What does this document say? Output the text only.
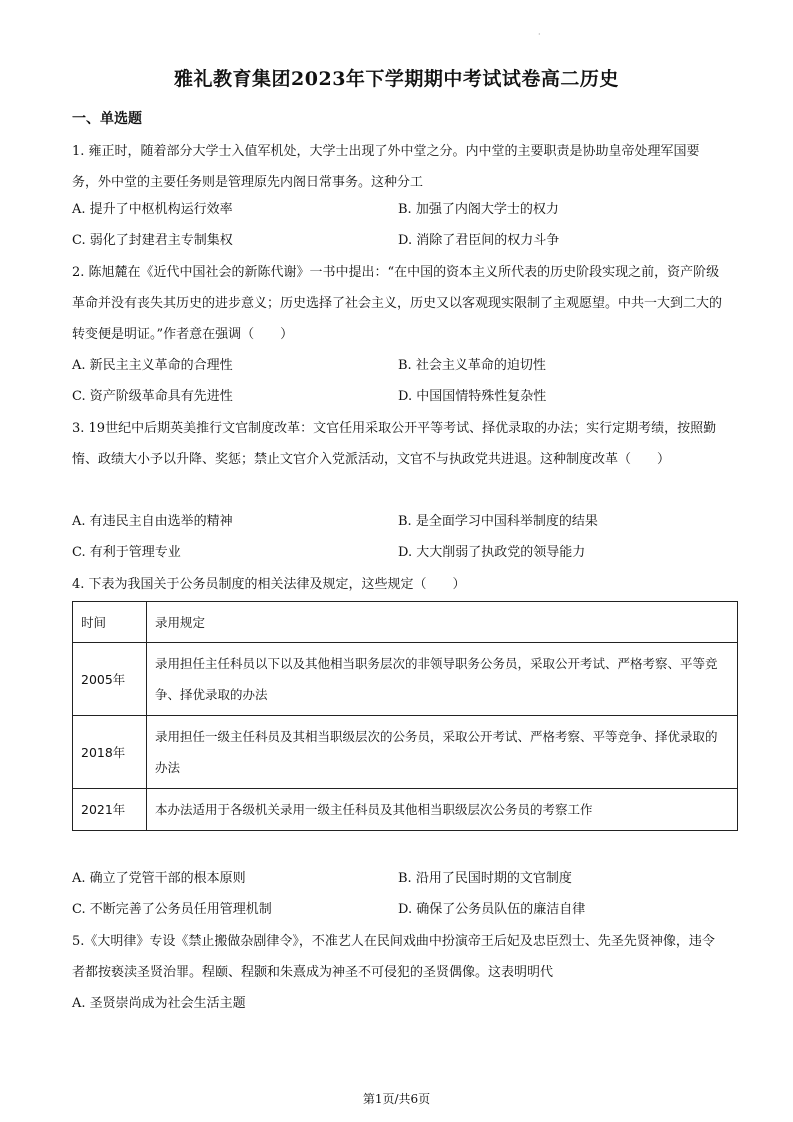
·
雅礼教育集团2023年下学期期中考试试卷高二历史
一、单选题
1. 雍正时，随着部分大学士入值军机处，大学士出现了外中堂之分。内中堂的主要职责是协助皇帝处理军国要务，外中堂的主要任务则是管理原先内阁日常事务。这种分工
A. 提升了中枢机构运行效率	B. 加强了内阁大学士的权力
C. 弱化了封建君主专制集权	D. 消除了君臣间的权力斗争
2. 陈旭麓在《近代中国社会的新陈代谢》一书中提出：“在中国的资本主义所代表的历史阶段实现之前，资产阶级革命并没有丧失其历史的进步意义；历史选择了社会主义，历史又以客观现实限制了主观愿望。中共一大到二大的转变便是明证。”作者意在强调（　　）
A. 新民主主义革命的合理性	B. 社会主义革命的迫切性
C. 资产阶级革命具有先进性	D. 中国国情特殊性复杂性
3. 19世纪中后期英美推行文官制度改革：文官任用采取公开平等考试、择优录取的办法；实行定期考绩，按照勤惰、政绩大小予以升降、奖惩；禁止文官介入党派活动，文官不与执政党共进退。这种制度改革（　　）
A. 有违民主自由选举的精神	B. 是全面学习中国科举制度的结果
C. 有利于管理专业	D. 大大削弱了执政党的领导能力
4. 下表为我国关于公务员制度的相关法律及规定，这些规定（　　）
时间	录用规定
2005年	录用担任主任科员以下以及其他相当职务层次的非领导职务公务员，采取公开考试、严格考察、平等竞争、择优录取的办法
2018年	录用担任一级主任科员及其相当职级层次的公务员，采取公开考试、严格考察、平等竞争、择优录取的办法
2021年	本办法适用于各级机关录用一级主任科员及其他相当职级层次公务员的考察工作
A. 确立了党管干部的根本原则	B. 沿用了民国时期的文官制度
C. 不断完善了公务员任用管理机制	D. 确保了公务员队伍的廉洁自律
5.《大明律》专设《禁止搬做杂剧律令》，不准艺人在民间戏曲中扮演帝王后妃及忠臣烈士、先圣先贤神像，违令者都按亵渎圣贤治罪。程颐、程颢和朱熹成为神圣不可侵犯的圣贤偶像。这表明明代
A. 圣贤崇尚成为社会生活主题
第1页/共6页
